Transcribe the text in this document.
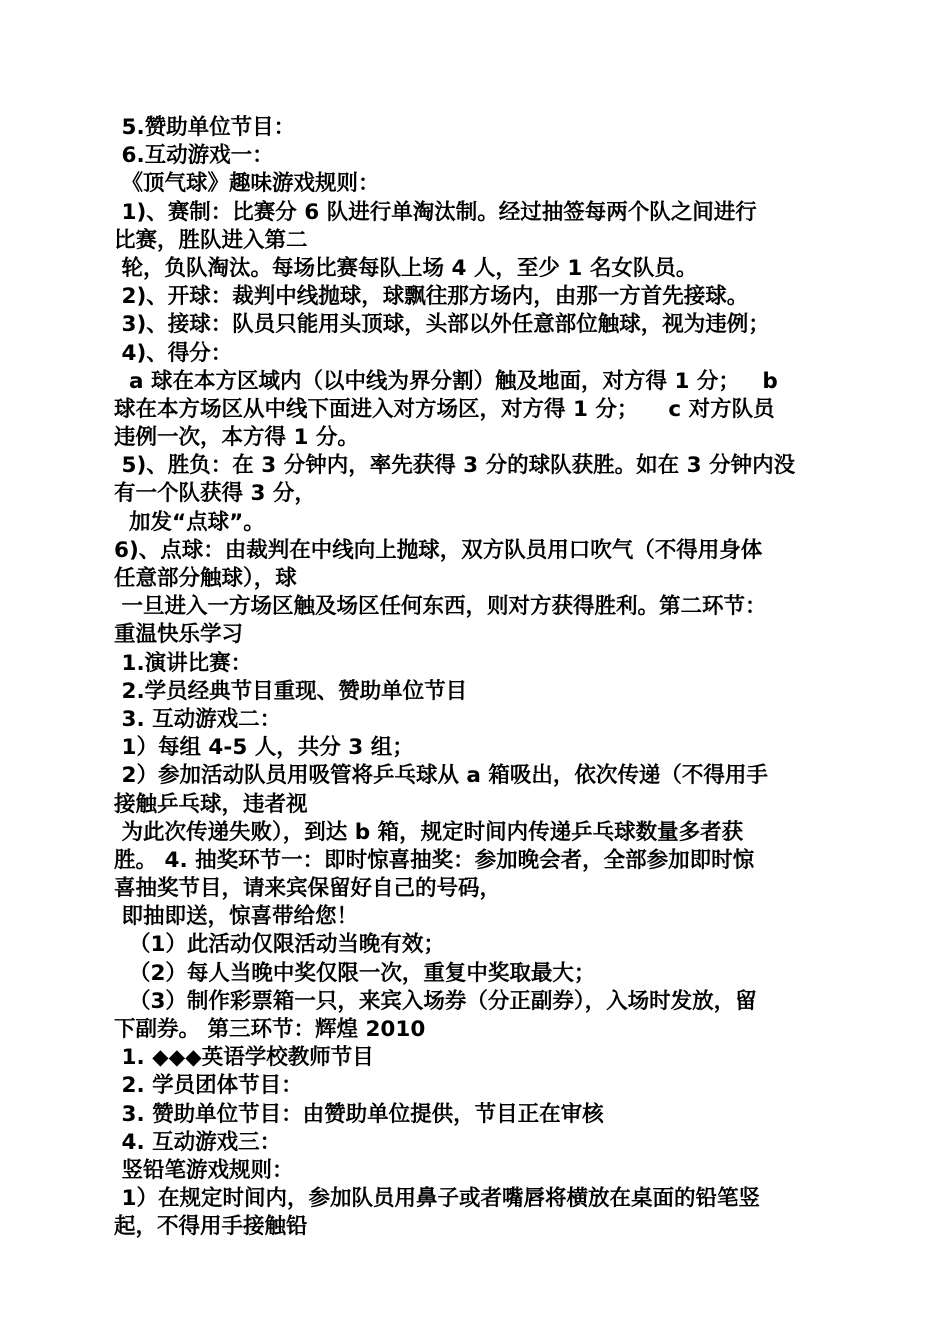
5.赞助单位节目：
6.互动游戏一：
《顶气球》趣味游戏规则：
1)、赛制：比赛分 6 队进行单淘汰制。经过抽签每两个队之间进行
比赛，胜队进入第二
轮，负队淘汰。每场比赛每队上场 4 人，至少 1 名女队员。
2)、开球：裁判中线抛球，球飘往那方场内，由那一方首先接球。
3)、接球：队员只能用头顶球，头部以外任意部位触球，视为违例；
4)、得分：
a 球在本方区域内（以中线为界分割）触及地面，对方得 1 分；   b
球在本方场区从中线下面进入对方场区，对方得 1 分；    c 对方队员
违例一次，本方得 1 分。
5)、胜负：在 3 分钟内，率先获得 3 分的球队获胜。如在 3 分钟内没
有一个队获得 3 分，
加发“点球”。
6)、点球：由裁判在中线向上抛球，双方队员用口吹气（不得用身体
任意部分触球），球
一旦进入一方场区触及场区任何东西，则对方获得胜利。第二环节：
重温快乐学习
1.演讲比赛：
2.学员经典节目重现、赞助单位节目
3. 互动游戏二：
1）每组 4-5 人，共分 3 组；
2）参加活动队员用吸管将乒乓球从 a 箱吸出，依次传递（不得用手
接触乒乓球，违者视
为此次传递失败），到达 b 箱，规定时间内传递乒乓球数量多者获
胜。 4. 抽奖环节一：即时惊喜抽奖：参加晚会者，全部参加即时惊
喜抽奖节目，请来宾保留好自己的号码，
即抽即送，惊喜带给您！
（1）此活动仅限活动当晚有效；
（2）每人当晚中奖仅限一次，重复中奖取最大；
（3）制作彩票箱一只，来宾入场券（分正副券），入场时发放，留
下副券。 第三环节：辉煌 2010
1. ◆◆◆英语学校教师节目
2. 学员团体节目：
3. 赞助单位节目：由赞助单位提供，节目正在审核
4. 互动游戏三：
竖铅笔游戏规则：
1）在规定时间内，参加队员用鼻子或者嘴唇将横放在桌面的铅笔竖
起，不得用手接触铅
